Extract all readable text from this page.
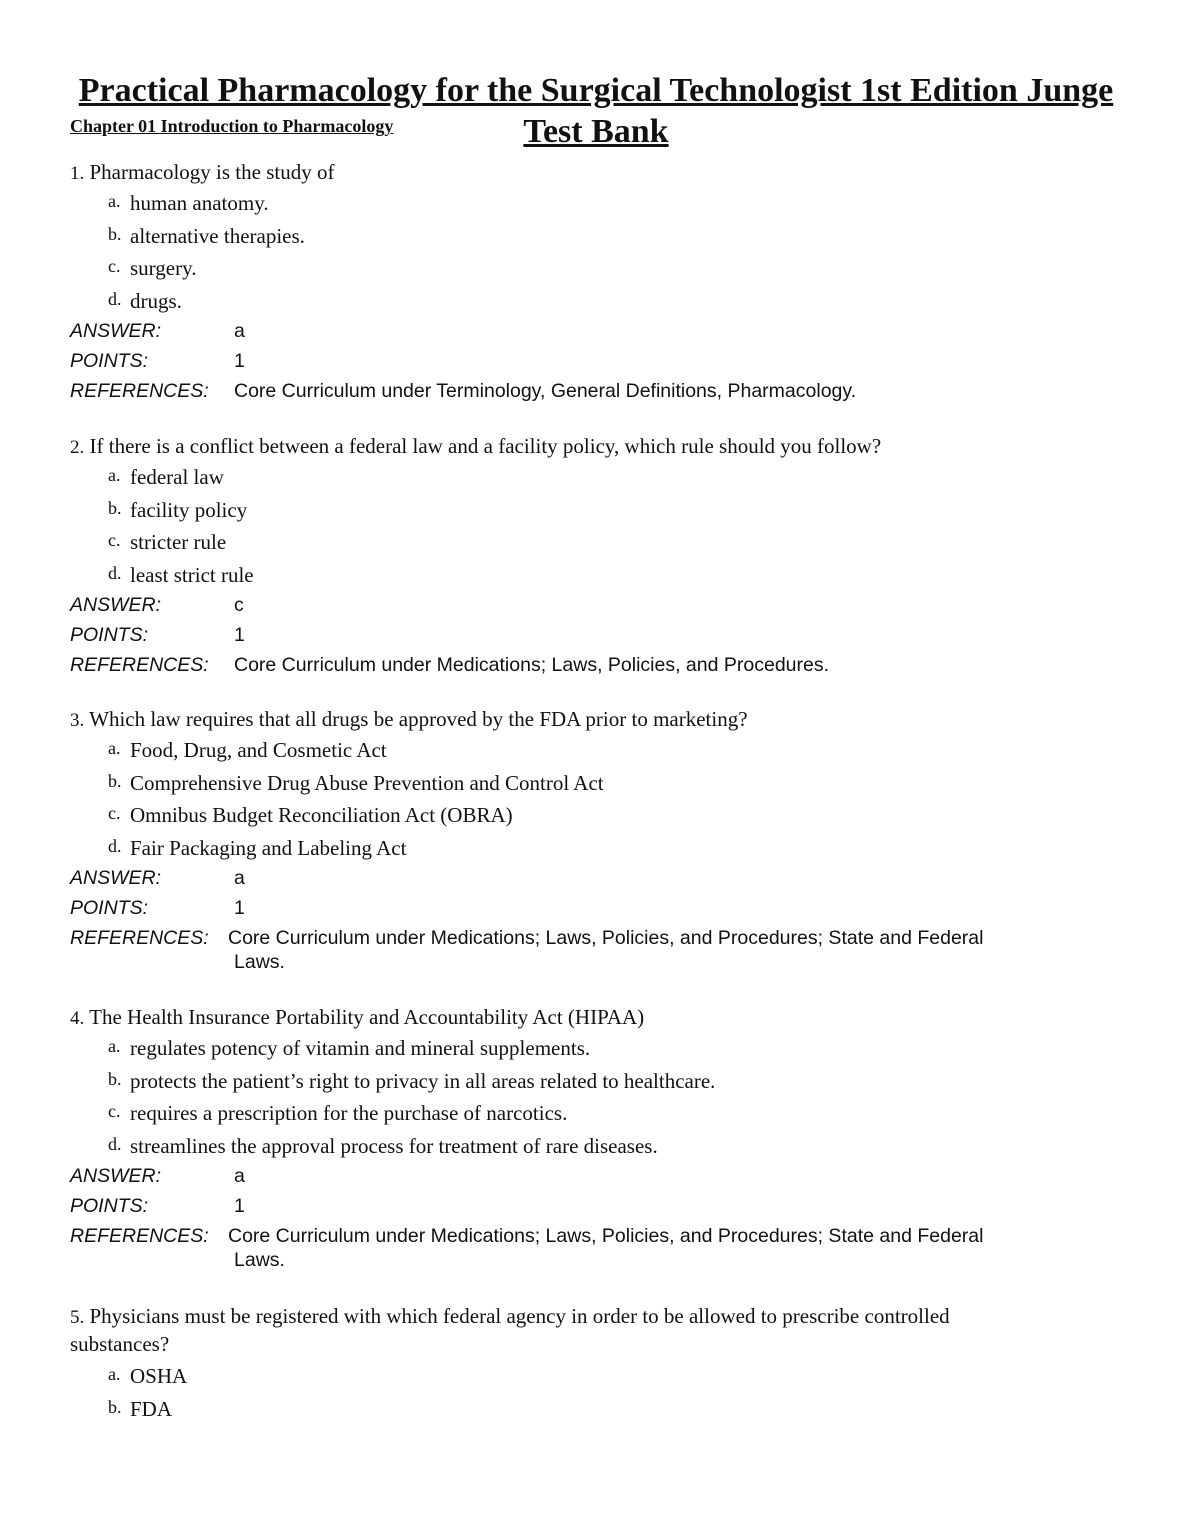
Practical Pharmacology for the Surgical Technologist 1st Edition Junge
Chapter 01 Introduction to Pharmacology	Test Bank

1. Pharmacology is the study of

a. human anatomy.
b. alternative therapies.
c. surgery.
d. drugs.
ANSWER:	a
POINTS:	1
REFERENCES: Core Curriculum under Terminology, General Definitions, Pharmacology.

2. If there is a conflict between a federal law and a facility policy, which rule should you follow?

a. federal law
b. facility policy
c. stricter rule
d. least strict rule
ANSWER:	c
POINTS:	1
REFERENCES: Core Curriculum under Medications; Laws, Policies, and Procedures.

3. Which law requires that all drugs be approved by the FDA prior to marketing?

a. Food, Drug, and Cosmetic Act
b. Comprehensive Drug Abuse Prevention and Control Act
c. Omnibus Budget Reconciliation Act (OBRA)
d. Fair Packaging and Labeling Act
ANSWER:	a
POINTS:	1
REFERENCES: Core Curriculum under Medications; Laws, Policies, and Procedures; State and Federal
Laws.

4. The Health Insurance Portability and Accountability Act (HIPAA)

a. regulates potency of vitamin and mineral supplements.
b. protects the patient’s right to privacy in all areas related to healthcare.
c. requires a prescription for the purchase of narcotics.
d. streamlines the approval process for treatment of rare diseases.
ANSWER:	a
POINTS:	1
REFERENCES: Core Curriculum under Medications; Laws, Policies, and Procedures; State and Federal
Laws.

5. Physicians must be registered with which federal agency in order to be allowed to prescribe controlled
substances?

a. OSHA
b. FDA
